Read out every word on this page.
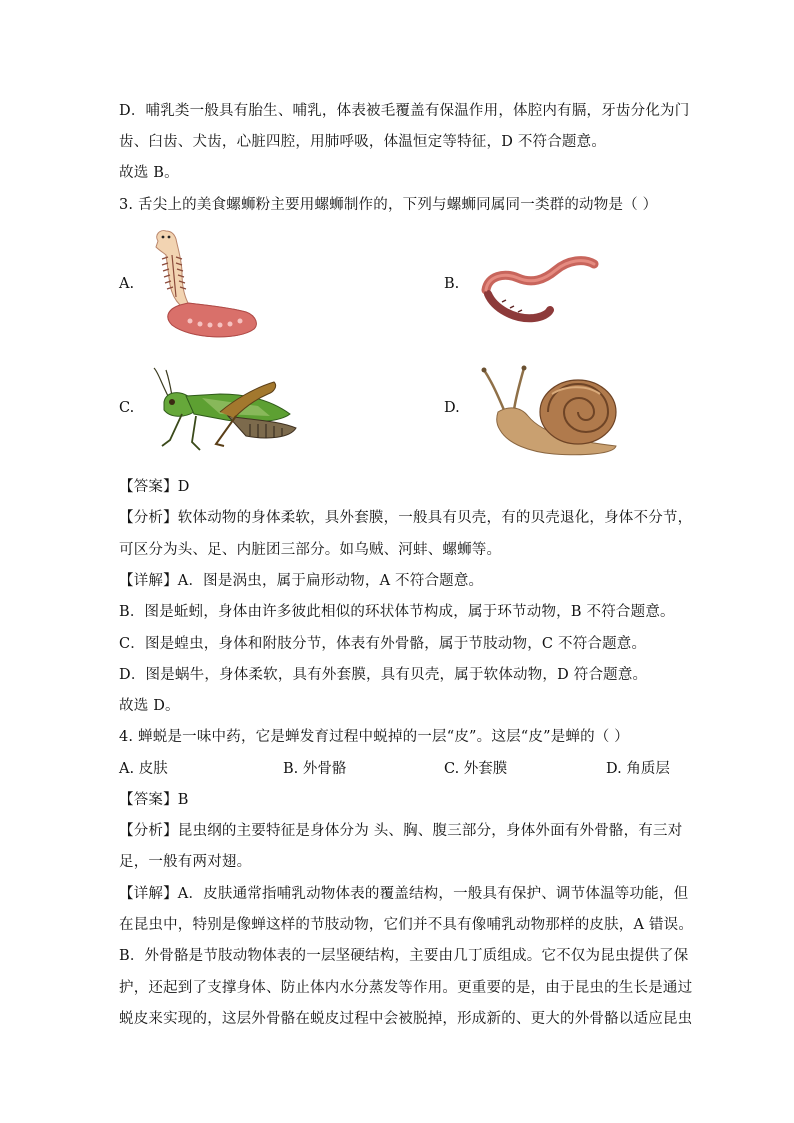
D．哺乳类一般具有胎生、哺乳，体表被毛覆盖有保温作用，体腔内有膈，牙齿分化为门
齿、臼齿、犬齿，心脏四腔，用肺呼吸，体温恒定等特征，D 不符合题意。
故选 B。
3. 舌尖上的美食螺蛳粉主要用螺蛳制作的，下列与螺蛳同属同一类群的动物是（ ）
A.	B.
C.	D.
【答案】D
【分析】软体动物的身体柔软，具外套膜，一般具有贝壳，有的贝壳退化，身体不分节，
可区分为头、足、内脏团三部分。如乌贼、河蚌、螺蛳等。
【详解】A．图是涡虫，属于扁形动物，A 不符合题意。
B．图是蚯蚓，身体由许多彼此相似的环状体节构成，属于环节动物，B 不符合题意。
C．图是蝗虫，身体和附肢分节，体表有外骨骼，属于节肢动物，C 不符合题意。
D．图是蜗牛，身体柔软，具有外套膜，具有贝壳，属于软体动物，D 符合题意。
故选 D。
4. 蝉蜕是一味中药，它是蝉发育过程中蜕掉的一层“皮”。这层“皮”是蝉的（ ）
A. 皮肤	B. 外骨骼	C. 外套膜	D. 角质层
【答案】B
【分析】昆虫纲的主要特征是身体分为 头、胸、腹三部分，身体外面有外骨骼，有三对
足，一般有两对翅。
【详解】A．皮肤通常指哺乳动物体表的覆盖结构，一般具有保护、调节体温等功能，但
在昆虫中，特别是像蝉这样的节肢动物，它们并不具有像哺乳动物那样的皮肤，A 错误。
B．外骨骼是节肢动物体表的一层坚硬结构，主要由几丁质组成。它不仅为昆虫提供了保
护，还起到了支撑身体、防止体内水分蒸发等作用。更重要的是，由于昆虫的生长是通过
蜕皮来实现的，这层外骨骼在蜕皮过程中会被脱掉，形成新的、更大的外骨骼以适应昆虫
